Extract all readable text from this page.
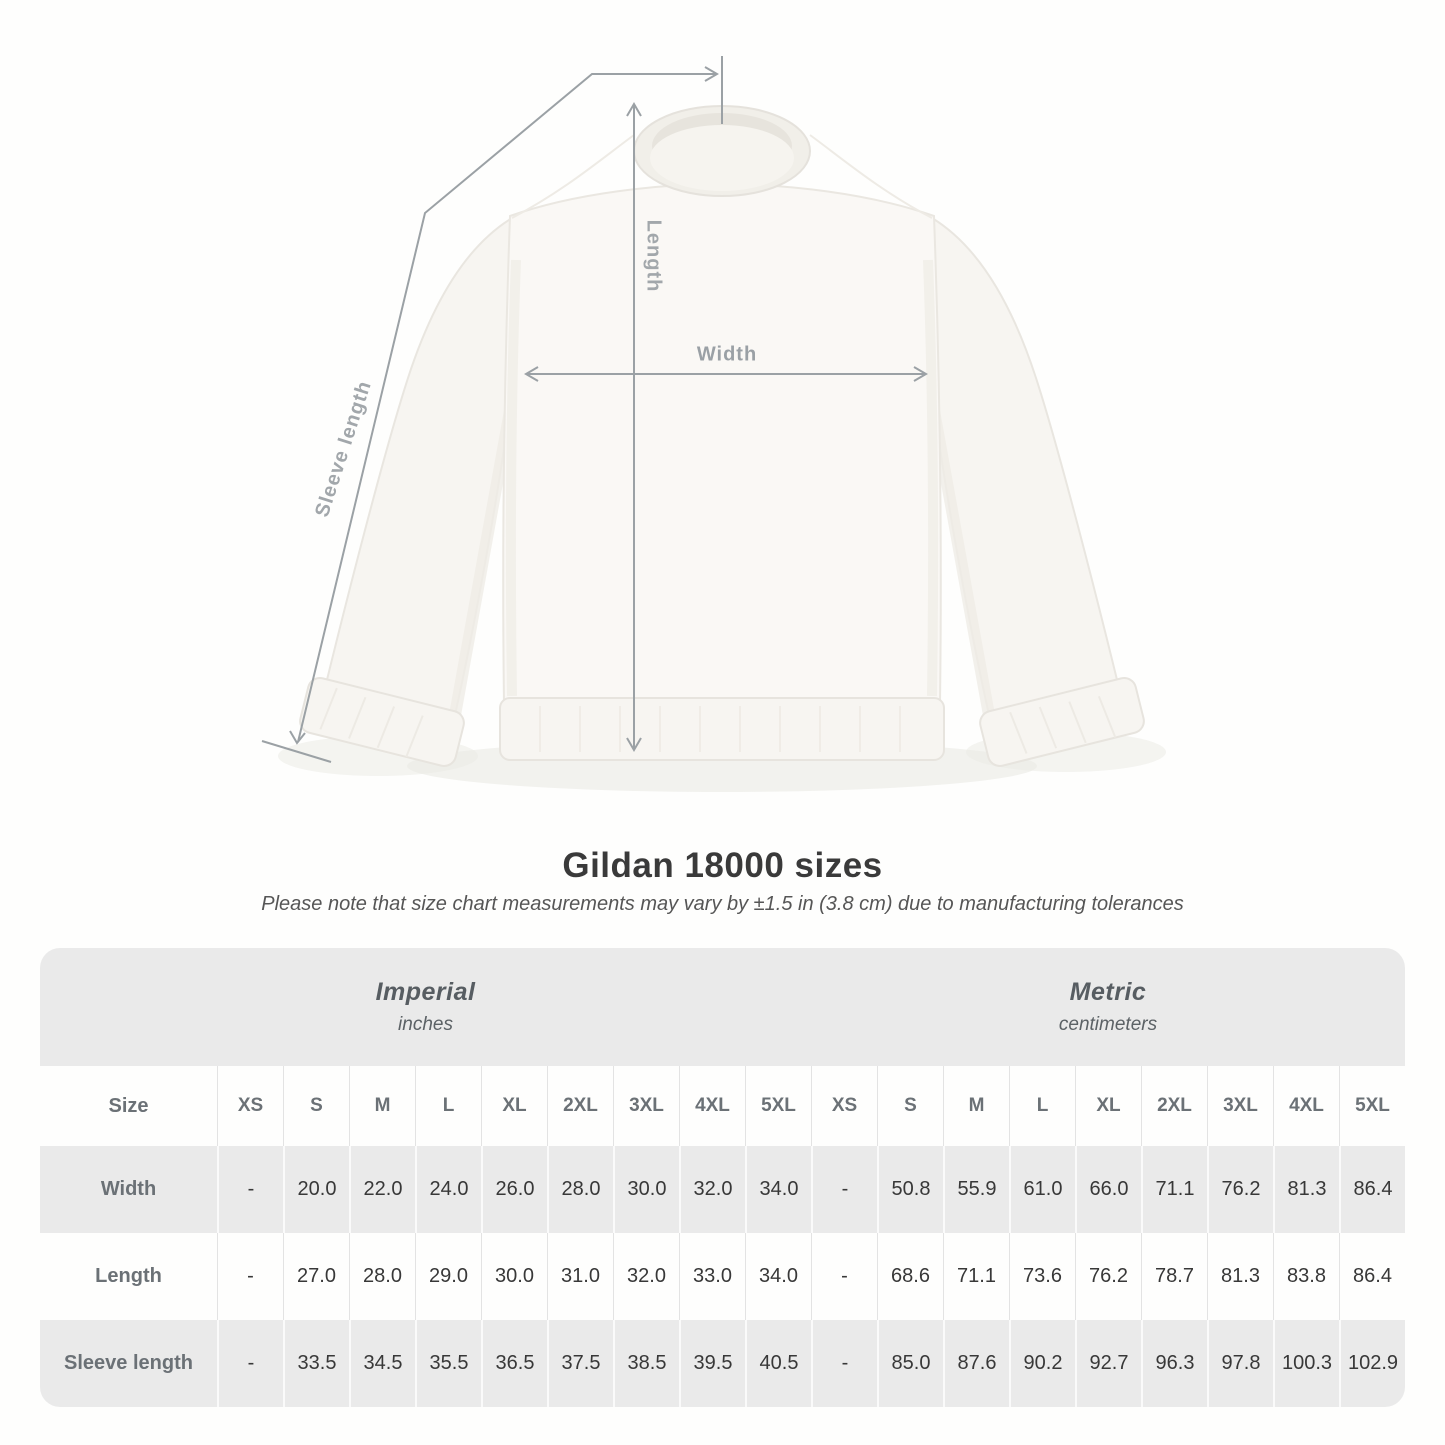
Length
Width
Sleeve length
Gildan 18000 sizes
Please note that size chart measurements may vary by ±1.5 in (3.8 cm) due to manufacturing tolerances
Imperial
inches
Metric
centimeters
Size	XS	S	M	L	XL	2XL	3XL	4XL	5XL	XS	S	M	L	XL	2XL	3XL	4XL	5XL
Width	-	20.0	22.0	24.0	26.0	28.0	30.0	32.0	34.0	-	50.8	55.9	61.0	66.0	71.1	76.2	81.3	86.4
Length	-	27.0	28.0	29.0	30.0	31.0	32.0	33.0	34.0	-	68.6	71.1	73.6	76.2	78.7	81.3	83.8	86.4
Sleeve length	-	33.5	34.5	35.5	36.5	37.5	38.5	39.5	40.5	-	85.0	87.6	90.2	92.7	96.3	97.8	100.3 102.9
